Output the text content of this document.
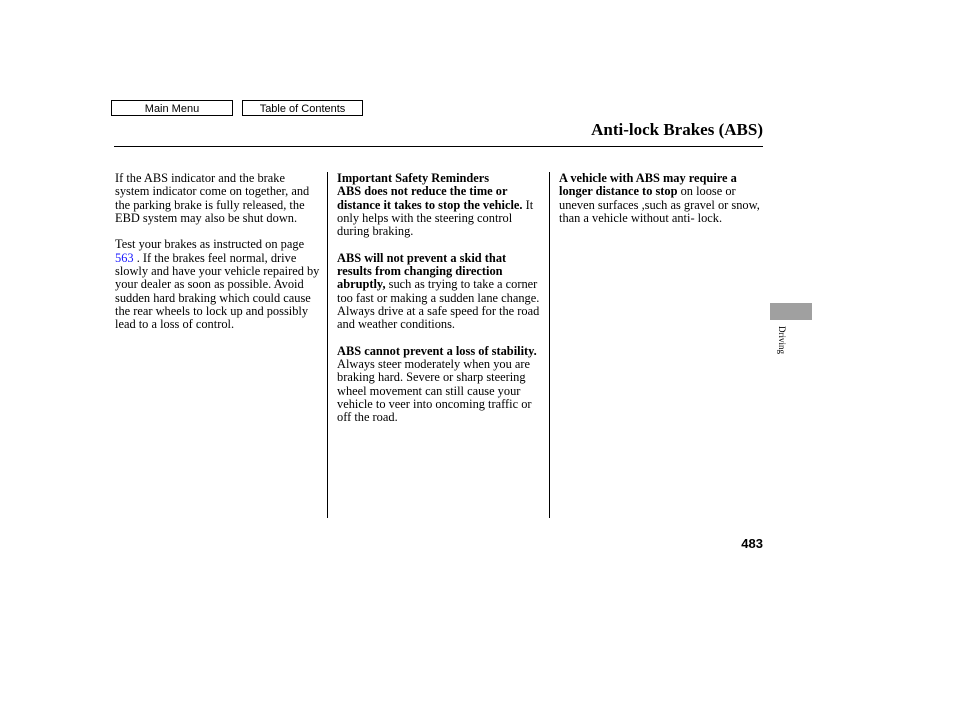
Main Menu	Table of Contents
Anti-lock Brakes (ABS)

If the ABS indicator and the brake system indicator come on together, and the parking brake is fully released, the EBD system may also be shut down.

Test your brakes as instructed on page 563 . If the brakes feel normal, drive slowly and have your vehicle repaired by your dealer as soon as possible. Avoid sudden hard braking which could cause the rear wheels to lock up and possibly lead to a loss of control.

Important Safety Reminders
ABS does not reduce the time or distance it takes to stop the vehicle. It only helps with the steering control during braking.

ABS will not prevent a skid that results from changing direction abruptly, such as trying to take a corner too fast or making a sudden lane change. Always drive at a safe speed for the road and weather conditions.

ABS cannot prevent a loss of stability. Always steer moderately when you are braking hard. Severe or sharp steering wheel movement can still cause your vehicle to veer into oncoming traffic or off the road.

A vehicle with ABS may require a longer distance to stop on loose or uneven surfaces ,such as gravel or snow, than a vehicle without anti- lock.

Driving
483
